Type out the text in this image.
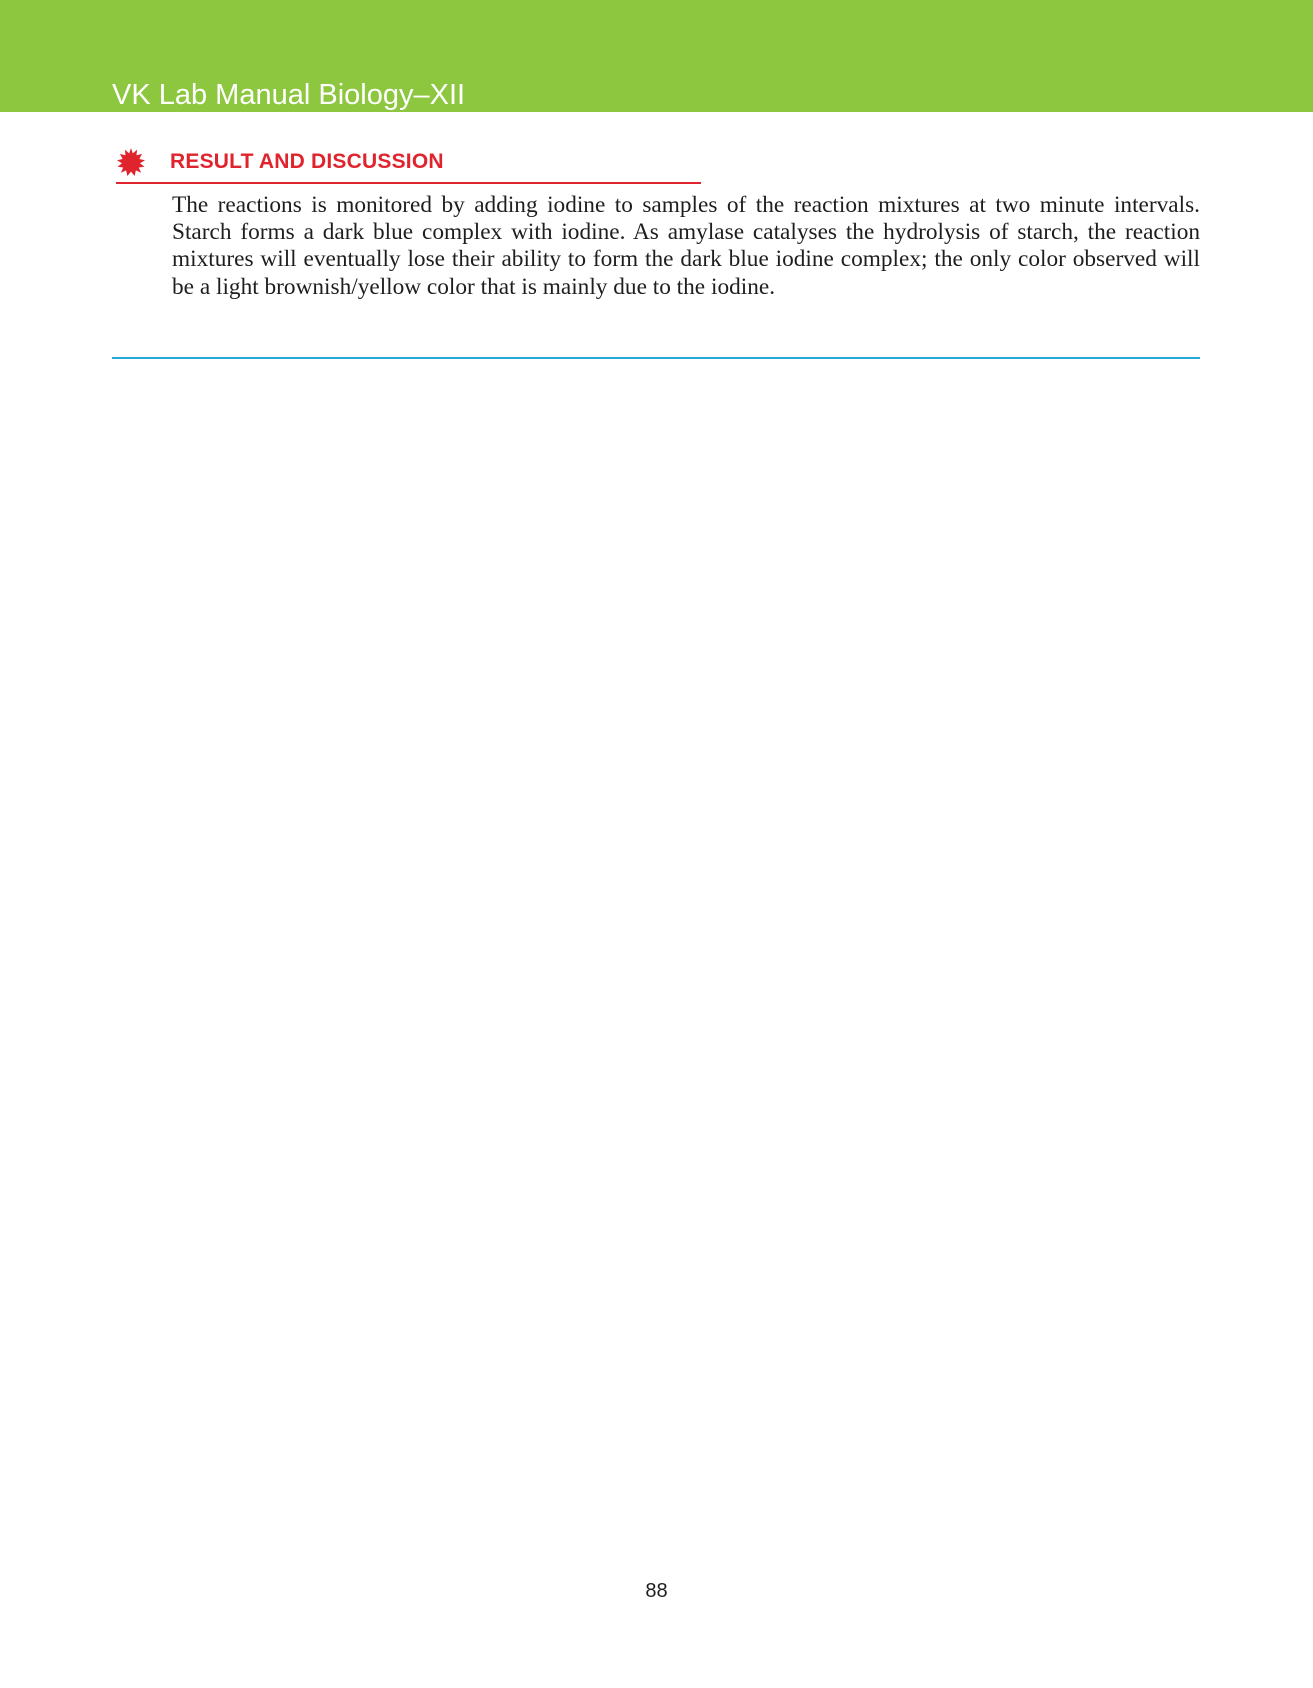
VK Lab Manual Biology–XII
RESULT AND DISCUSSION

The reactions is monitored by adding iodine to samples of the reaction mixtures at two minute intervals. Starch forms a dark blue complex with iodine. As amylase catalyses the hydrolysis of starch, the reaction mixtures will eventually lose their ability to form the dark blue iodine complex; the only color observed will be a light brownish/yellow color that is mainly due to the iodine.

88
